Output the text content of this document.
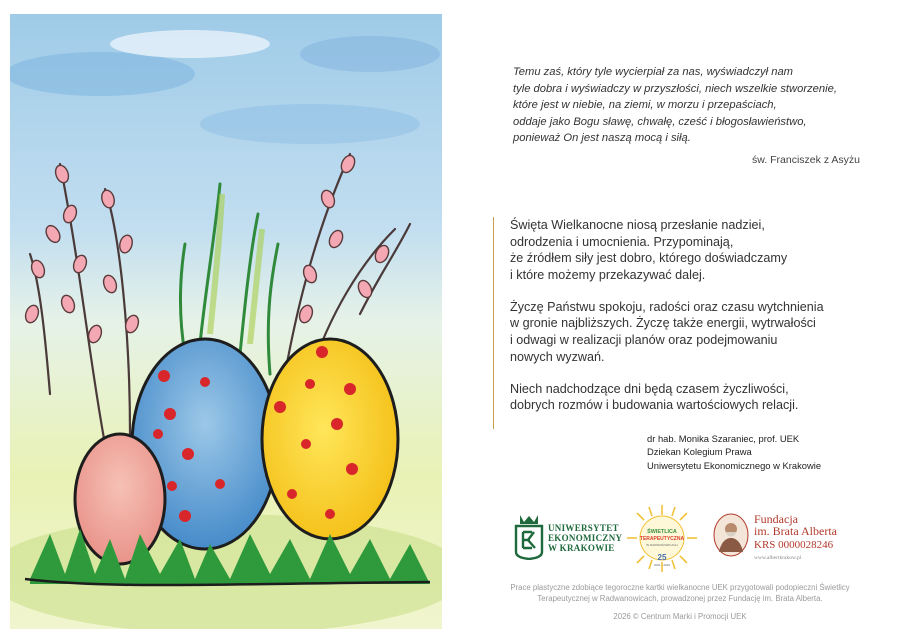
Temu zaś, który tyle wycierpiał za nas, wyświadczył nam
tyle dobra i wyświadczy w przyszłości, niech wszelkie stworzenie,
które jest w niebie, na ziemi, w morzu i przepaściach,
oddaje jako Bogu sławę, chwałę, cześć i błogosławieństwo,
ponieważ On jest naszą mocą i siłą.

św. Franciszek z Asyżu

Święta Wielkanocne niosą przesłanie nadziei,
odrodzenia i umocnienia. Przypominają,
że źródłem siły jest dobro, którego doświadczamy
i które możemy przekazywać dalej.

Życzę Państwu spokoju, radości oraz czasu wytchnienia
w gronie najbliższych. Życzę także energii, wytrwałości
i odwagi w realizacji planów oraz podejmowaniu
nowych wyzwań.

Niech nadchodzące dni będą czasem życzliwości,
dobrych rozmów i budowania wartościowych relacji.

dr hab. Monika Szaraniec, prof. UEK
Dziekan Kolegium Prawa
Uniwersytetu Ekonomicznego w Krakowie
UNIWERSYTET
EKONOMICZNY
W KRAKOWIE
ŚWIETLICA
TERAPEUTYCZNA
W RADWANOWICACH
25
2001 - 2026
Fundacja
im. Brata Alberta
KRS 0000028246
www.albertkrakow.pl
Prace plastyczne zdobiące tegoroczne kartki wielkanocne UEK przygotowali podopieczni Świetlicy
Terapeutycznej w Radwanowicach, prowadzonej przez Fundację im. Brata Alberta.
2026 © Centrum Marki i Promocji UEK
